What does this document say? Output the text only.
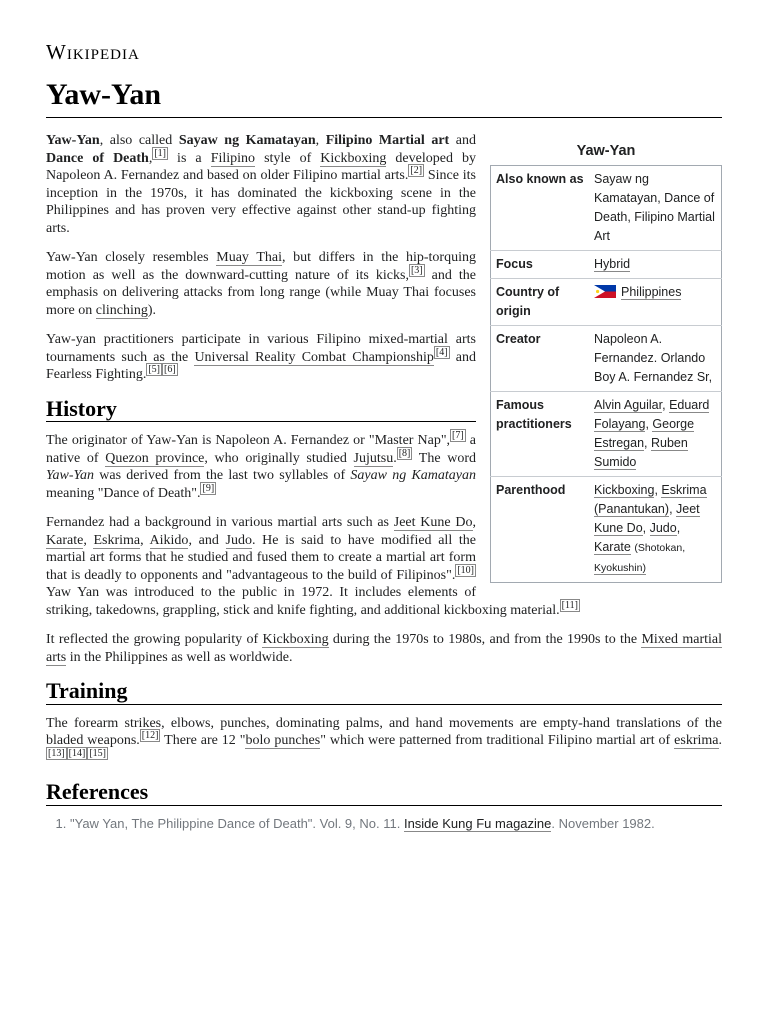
Wikipedia
Yaw-Yan
Yaw-Yan
Also known as	Sayaw ng Kamatayan, Dance of Death, Filipino Martial Art
Focus	Hybrid
Country of origin	Philippines
Creator	Napoleon A. Fernandez. Orlando Boy A. Fernandez Sr,
Famous practitioners	Alvin Aguilar, Eduard Folayang, George Estregan, Ruben Sumido
Parenthood	Kickboxing, Eskrima (Panantukan), Jeet Kune Do, Judo, Karate (Shotokan, Kyokushin)

Yaw-Yan, also called Sayaw ng Kamatayan, Filipino Martial art and Dance of Death, [1] is a Filipino style of Kickboxing developed by Napoleon A. Fernandez and based on older Filipino martial arts. [2] Since its inception in the 1970s, it has dominated the kickboxing scene in the Philippines and has proven very effective against other stand-up fighting arts.

Yaw-Yan closely resembles Muay Thai, but differs in the hip-torquing motion as well as the downward-cutting nature of its kicks, [3] and the emphasis on delivering attacks from long range (while Muay Thai focuses more on clinching).

Yaw-yan practitioners participate in various Filipino mixed-martial arts tournaments such as the Universal Reality Combat Championship [4] and Fearless Fighting. [5] [6]

History

The originator of Yaw-Yan is Napoleon A. Fernandez or "Master Nap", [7] a native of Quezon province, who originally studied Jujutsu. [8] The word Yaw-Yan was derived from the last two syllables of Sayaw ng Kamatayan meaning "Dance of Death". [9]

Fernandez had a background in various martial arts such as Jeet Kune Do, Karate, Eskrima, Aikido, and Judo. He is said to have modified all the martial art forms that he studied and fused them to create a martial art form that is deadly to opponents and "advantageous to the build of Filipinos". [10] Yaw Yan was introduced to the public in 1972. It includes elements of striking, takedowns, grappling, stick and knife fighting, and additional kickboxing material. [11]

It reflected the growing popularity of Kickboxing during the 1970s to 1980s, and from the 1990s to the Mixed martial arts in the Philippines as well as worldwide.

Training

The forearm strikes, elbows, punches, dominating palms, and hand movements are empty-hand translations of the bladed weapons. [12] There are 12 "bolo punches" which were patterned from traditional Filipino martial art of eskrima.[13] [14] [15]

References
1. "Yaw Yan, The Philippine Dance of Death". Vol. 9, No. 11. Inside Kung Fu magazine. November 1982.
